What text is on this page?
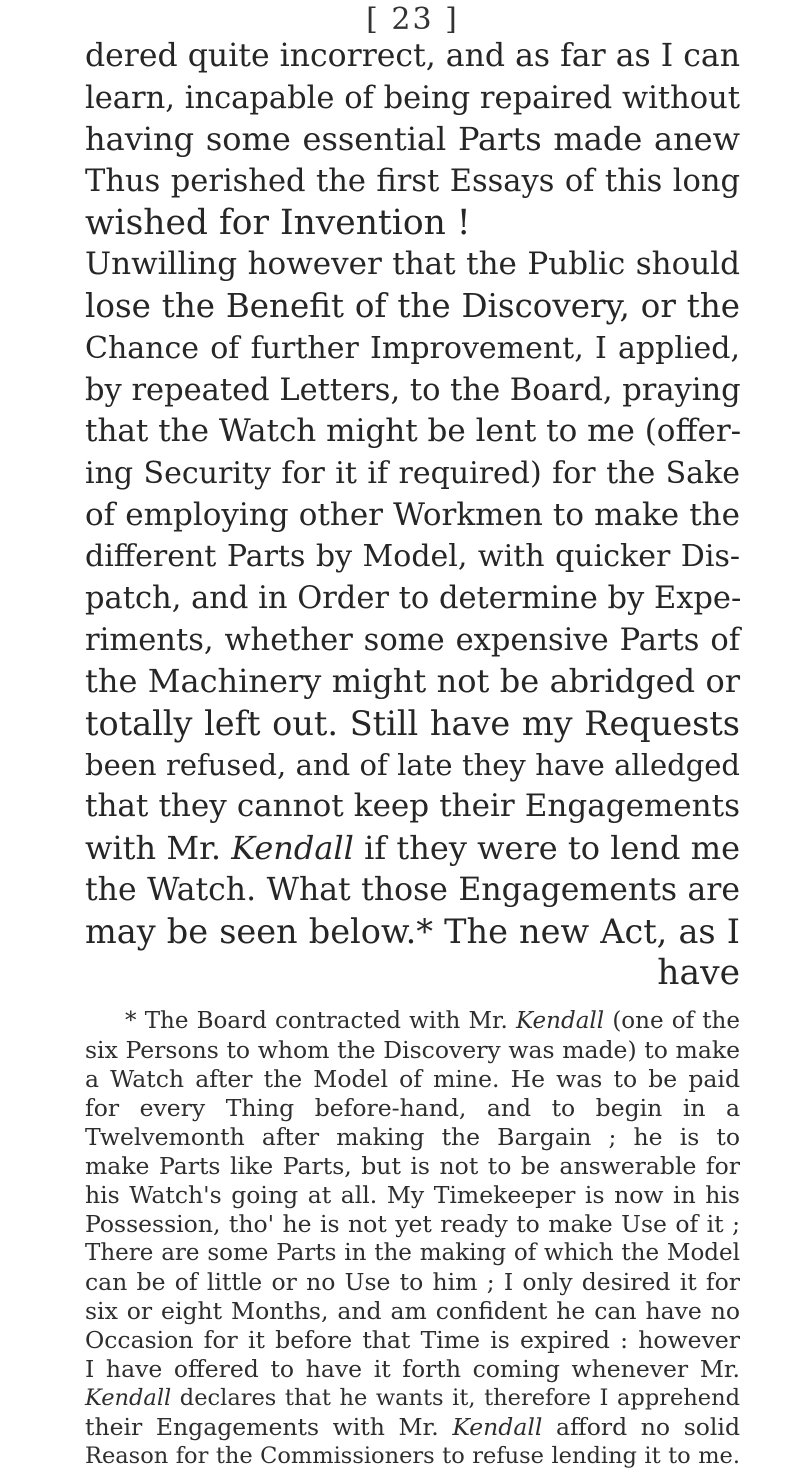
[ 23 ]
dered quite incorrect, and as far as I can
learn, incapable of being repaired without
having some essential Parts made anew
Thus perished the first Essays of this long
wished for Invention !
Unwilling however that the Public should
lose the Benefit of the Discovery, or the
Chance of further Improvement, I applied,
by repeated Letters, to the Board, praying
that the Watch might be lent to me (offer-
ing Security for it if required) for the Sake
of employing other Workmen to make the
different Parts by Model, with quicker Dis-
patch, and in Order to determine by Expe-
riments, whether some expensive Parts of
the Machinery might not be abridged or
totally left out. Still have my Requests
been refused, and of late they have alledged
that they cannot keep their Engagements
with Mr. Kendall if they were to lend me
the Watch. What those Engagements are
may be seen below.* The new Act, as I
have
* The Board contracted with Mr. Kendall (one of the
six Persons to whom the Discovery was made) to make
a Watch after the Model of mine. He was to be paid
for every Thing before-hand, and to begin in a
Twelvemonth after making the Bargain ; he is to
make Parts like Parts, but is not to be answerable for
his Watch's going at all. My Timekeeper is now in his
Possession, tho' he is not yet ready to make Use of it ;
There are some Parts in the making of which the Model
can be of little or no Use to him ; I only desired it for
six or eight Months, and am confident he can have no
Occasion for it before that Time is expired : however
I have offered to have it forth coming whenever Mr.
Kendall declares that he wants it, therefore I apprehend
their Engagements with Mr. Kendall afford no solid
Reason for the Commissioners to refuse lending it to me.
